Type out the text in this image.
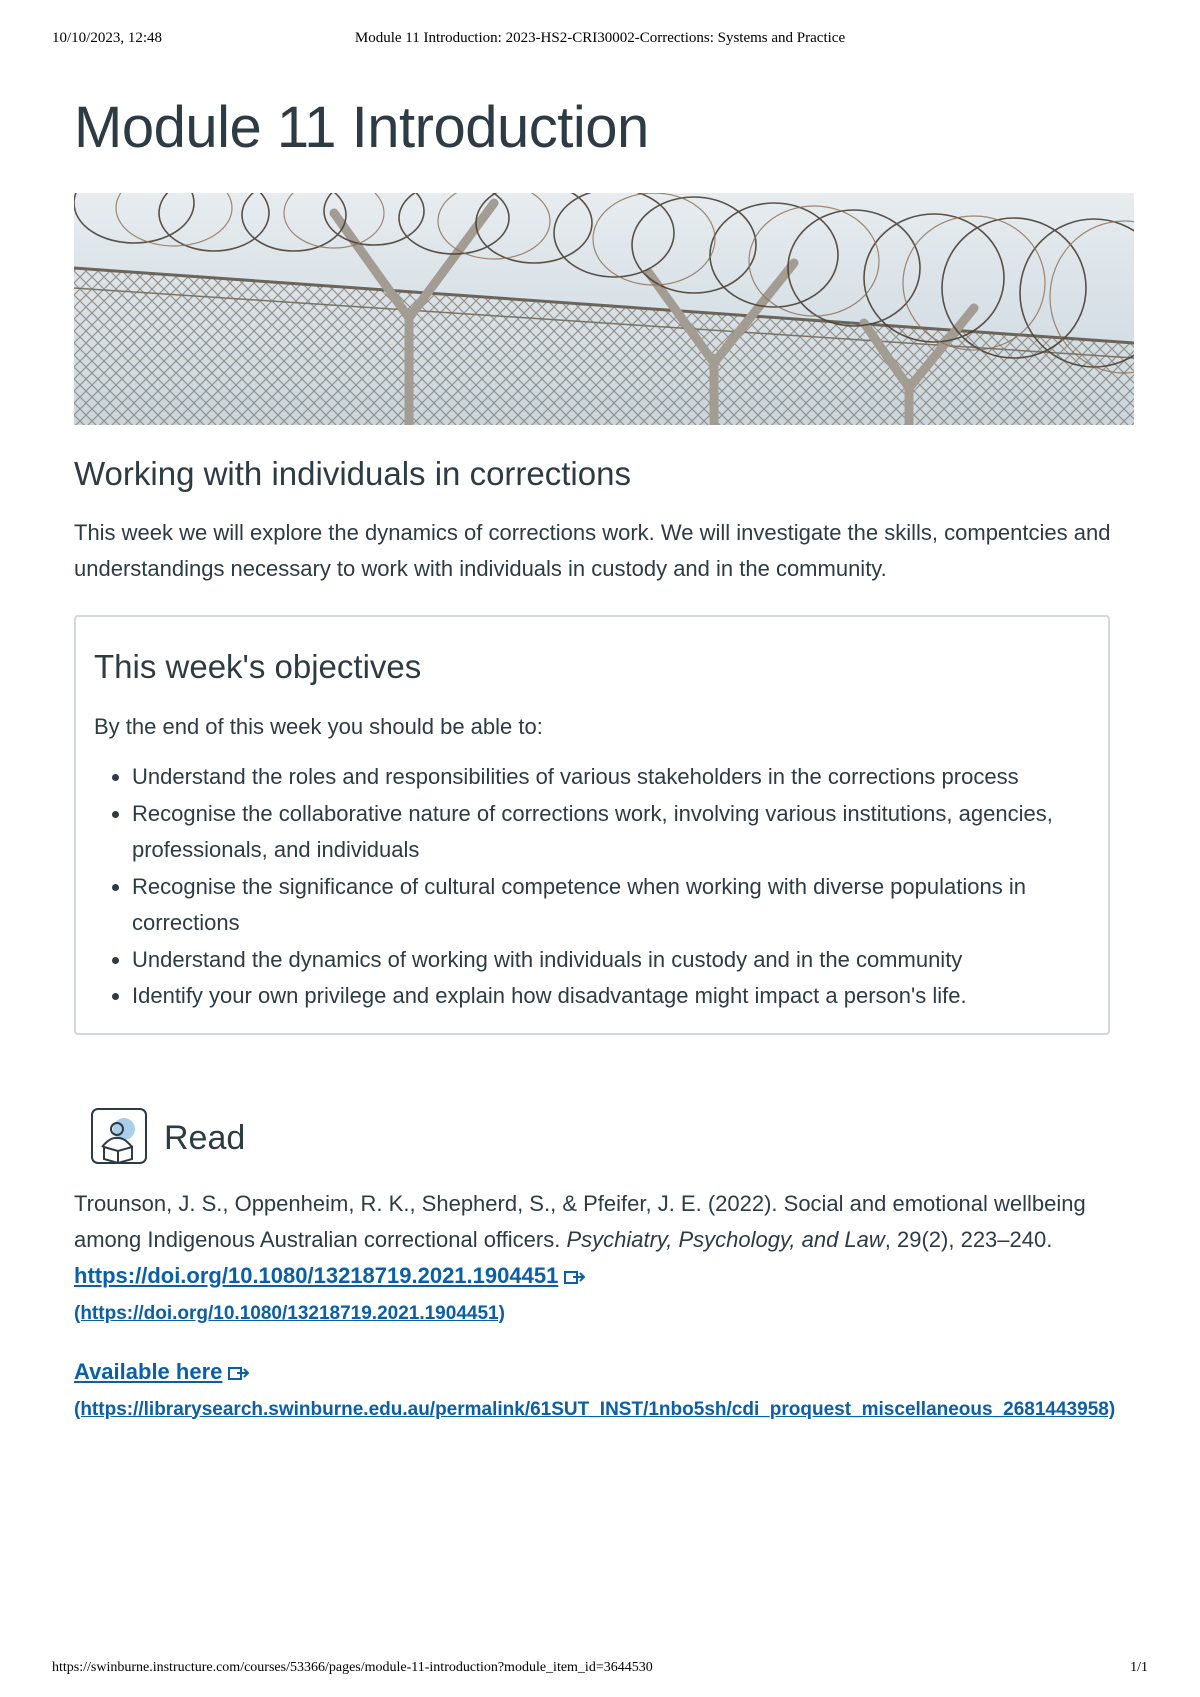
10/10/2023, 12:48	Module 11 Introduction: 2023-HS2-CRI30002-Corrections: Systems and Practice
Module 11 Introduction
Working with individuals in corrections

This week we will explore the dynamics of corrections work. We will investigate the skills, compentcies and understandings necessary to work with individuals in custody and in the community.

This week's objectives

By the end of this week you should be able to:

• Understand the roles and responsibilities of various stakeholders in the corrections process
• Recognise the collaborative nature of corrections work, involving various institutions, agencies, professionals, and individuals
• Recognise the significance of cultural competence when working with diverse populations in corrections
• Understand the dynamics of working with individuals in custody and in the community
• Identify your own privilege and explain how disadvantage might impact a person's life.
Read

Trounson, J. S., Oppenheim, R. K., Shepherd, S., & Pfeifer, J. E. (2022). Social and emotional wellbeing among Indigenous Australian correctional officers. Psychiatry, Psychology, and Law, 29(2), 223–240. https://doi.org/10.1080/13218719.2021.1904451
(https://doi.org/10.1080/13218719.2021.1904451)

Available here
(https://librarysearch.swinburne.edu.au/permalink/61SUT_INST/1nbo5sh/cdi_proquest_miscellaneous_2681443958)

https://swinburne.instructure.com/courses/53366/pages/module-11-introduction?module_item_id=3644530	1/1
